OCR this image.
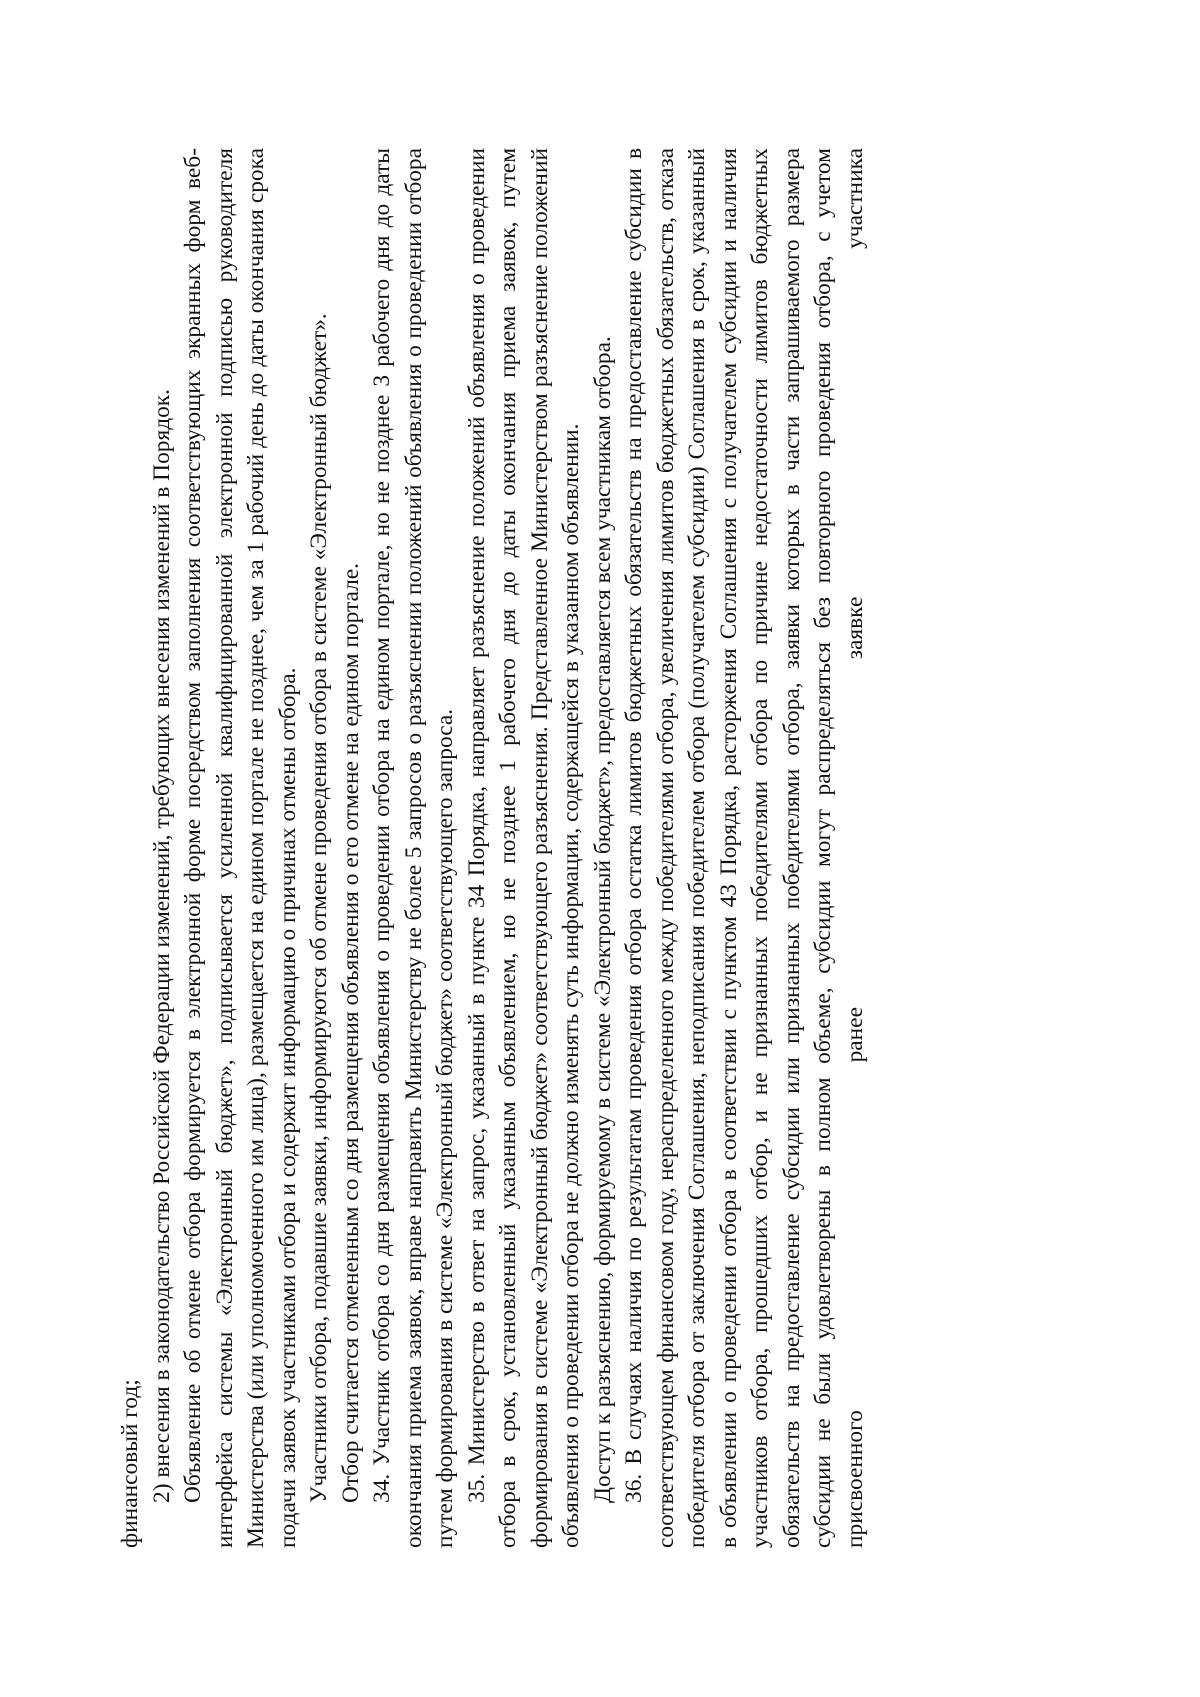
финансовый год; 2) внесения в законодательство Российской Федерации изменений, требующих внесения изменений в Порядок. Объявление об отмене отбора формируется в электронной форме посредством заполнения соответствующих экранных форм веб-интерфейса системы «Электронный бюджет», подписывается усиленной квалифицированной электронной подписью руководителя Министерства (или уполномоченного им лица), размещается на едином портале не позднее, чем за 1 рабочий день до даты окончания срока подачи заявок участниками отбора и содержит информацию о причинах отмены отбора. Участники отбора, подавшие заявки, информируются об отмене проведения отбора в системе «Электронный бюджет». Отбор считается отмененным со дня размещения объявления о его отмене на едином портале. 34. Участник отбора со дня размещения объявления о проведении отбора на едином портале, но не позднее 3 рабочего дня до даты окончания приема заявок, вправе направить Министерству не более 5 запросов о разъяснении положений объявления о проведении отбора путем формирования в системе «Электронный бюджет» соответствующего запроса. 35. Министерство в ответ на запрос, указанный в пункте 34 Порядка, направляет разъяснение положений объявления о проведении отбора в срок, установленный указанным объявлением, но не позднее 1 рабочего дня до даты окончания приема заявок, путем формирования в системе «Электронный бюджет» соответствующего разъяснения. Представленное Министерством разъяснение положений объявления о проведении отбора не должно изменять суть информации, содержащейся в указанном объявлении. Доступ к разъяснению, формируемому в системе «Электронный бюджет», предоставляется всем участникам отбора. 36. В случаях наличия по результатам проведения отбора остатка лимитов бюджетных обязательств на предоставление субсидии в соответствующем финансовом году, нераспределенного между победителями отбора, увеличения лимитов бюджетных обязательств, отказа победителя отбора от заключения Соглашения, неподписания победителем отбора (получателем субсидии) Соглашения в срок, указанный в объявлении о проведении отбора в соответствии с пунктом 43 Порядка, расторжения Соглашения с получателем субсидии и наличия участников отбора, прошедших отбор, и не признанных победителями отбора по причине недостаточности лимитов бюджетных обязательств на предоставление субсидии или признанных победителями отбора, заявки которых в части запрашиваемого размера субсидии не были удовлетворены в полном объеме, субсидии могут распределяться без повторного проведения отбора, с учетом присвоенного ранее заявке участника
